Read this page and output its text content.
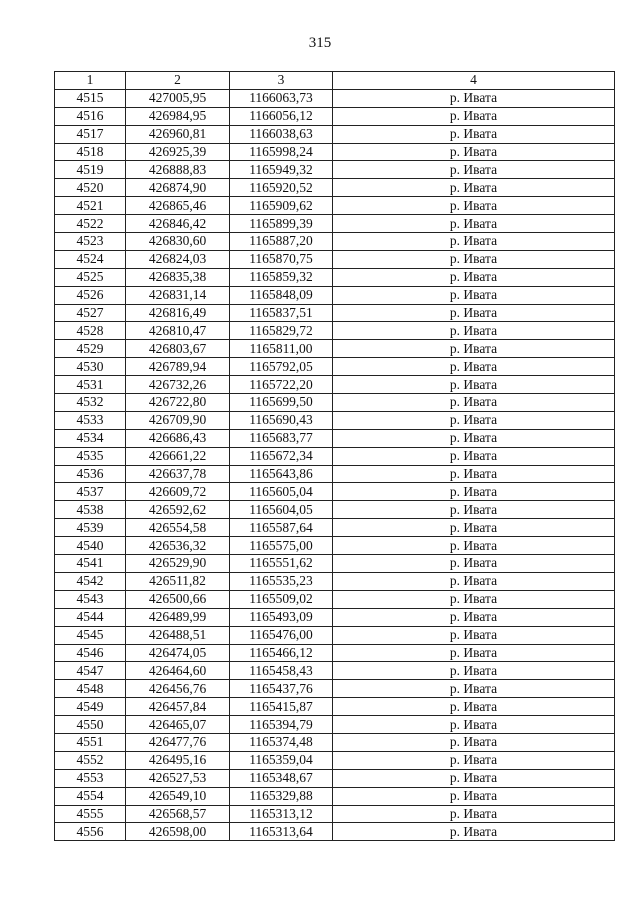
315
1	2	3	4
4515	427005,95	1166063,73	р. Ивата
4516	426984,95	1166056,12	р. Ивата
4517	426960,81	1166038,63	р. Ивата
4518	426925,39	1165998,24	р. Ивата
4519	426888,83	1165949,32	р. Ивата
4520	426874,90	1165920,52	р. Ивата
4521	426865,46	1165909,62	р. Ивата
4522	426846,42	1165899,39	р. Ивата
4523	426830,60	1165887,20	р. Ивата
4524	426824,03	1165870,75	р. Ивата
4525	426835,38	1165859,32	р. Ивата
4526	426831,14	1165848,09	р. Ивата
4527	426816,49	1165837,51	р. Ивата
4528	426810,47	1165829,72	р. Ивата
4529	426803,67	1165811,00	р. Ивата
4530	426789,94	1165792,05	р. Ивата
4531	426732,26	1165722,20	р. Ивата
4532	426722,80	1165699,50	р. Ивата
4533	426709,90	1165690,43	р. Ивата
4534	426686,43	1165683,77	р. Ивата
4535	426661,22	1165672,34	р. Ивата
4536	426637,78	1165643,86	р. Ивата
4537	426609,72	1165605,04	р. Ивата
4538	426592,62	1165604,05	р. Ивата
4539	426554,58	1165587,64	р. Ивата
4540	426536,32	1165575,00	р. Ивата
4541	426529,90	1165551,62	р. Ивата
4542	426511,82	1165535,23	р. Ивата
4543	426500,66	1165509,02	р. Ивата
4544	426489,99	1165493,09	р. Ивата
4545	426488,51	1165476,00	р. Ивата
4546	426474,05	1165466,12	р. Ивата
4547	426464,60	1165458,43	р. Ивата
4548	426456,76	1165437,76	р. Ивата
4549	426457,84	1165415,87	р. Ивата
4550	426465,07	1165394,79	р. Ивата
4551	426477,76	1165374,48	р. Ивата
4552	426495,16	1165359,04	р. Ивата
4553	426527,53	1165348,67	р. Ивата
4554	426549,10	1165329,88	р. Ивата
4555	426568,57	1165313,12	р. Ивата
4556	426598,00	1165313,64	р. Ивата
